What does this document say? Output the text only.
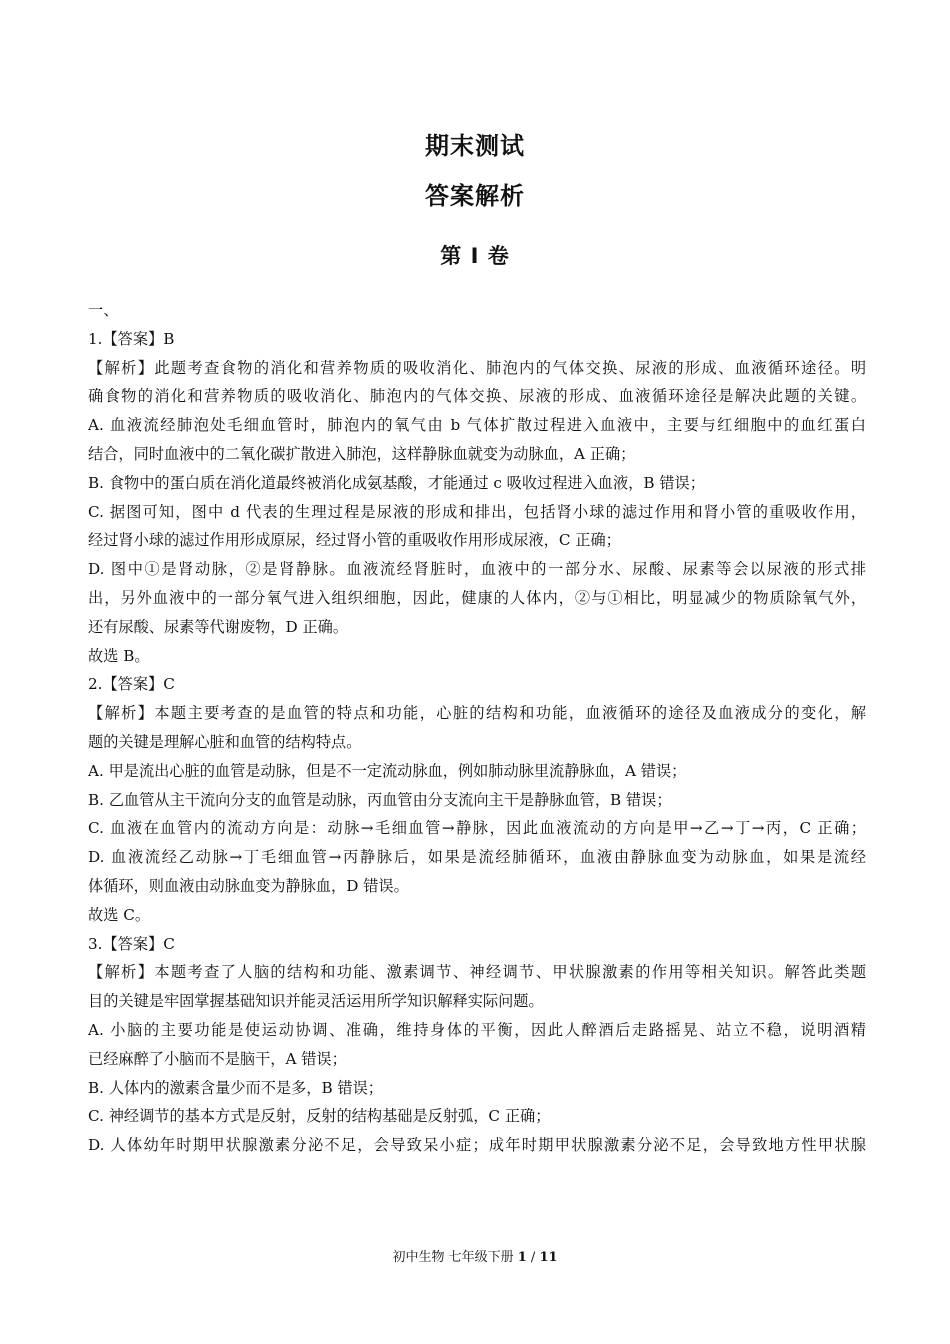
期末测试
答案解析
第 I 卷
一、
1.【答案】B
【解析】此题考查食物的消化和营养物质的吸收消化、肺泡内的气体交换、尿液的形成、血液循环途径。明
确食物的消化和营养物质的吸收消化、肺泡内的气体交换、尿液的形成、血液循环途径是解决此题的关键。
A. 血液流经肺泡处毛细血管时，肺泡内的氧气由 b 气体扩散过程进入血液中，主要与红细胞中的血红蛋白
结合，同时血液中的二氧化碳扩散进入肺泡，这样静脉血就变为动脉血，A 正确；
B. 食物中的蛋白质在消化道最终被消化成氨基酸，才能通过 c 吸收过程进入血液，B 错误；
C. 据图可知，图中 d 代表的生理过程是尿液的形成和排出，包括肾小球的滤过作用和肾小管的重吸收作用，
经过肾小球的滤过作用形成原尿，经过肾小管的重吸收作用形成尿液，C 正确；
D. 图中①是肾动脉，②是肾静脉。血液流经肾脏时，血液中的一部分水、尿酸、尿素等会以尿液的形式排
出，另外血液中的一部分氧气进入组织细胞，因此，健康的人体内，②与①相比，明显减少的物质除氧气外，
还有尿酸、尿素等代谢废物，D 正确。
故选 B。
2.【答案】C
【解析】本题主要考查的是血管的特点和功能，心脏的结构和功能，血液循环的途径及血液成分的变化，解
题的关键是理解心脏和血管的结构特点。
A. 甲是流出心脏的血管是动脉，但是不一定流动脉血，例如肺动脉里流静脉血，A 错误；
B. 乙血管从主干流向分支的血管是动脉，丙血管由分支流向主干是静脉血管，B 错误；
C. 血液在血管内的流动方向是：动脉→毛细血管→静脉，因此血液流动的方向是甲→乙→丁→丙，C 正确；
D. 血液流经乙动脉→丁毛细血管→丙静脉后，如果是流经肺循环，血液由静脉血变为动脉血，如果是流经
体循环，则血液由动脉血变为静脉血，D 错误。
故选 C。
3.【答案】C
【解析】本题考查了人脑的结构和功能、激素调节、神经调节、甲状腺激素的作用等相关知识。解答此类题
目的关键是牢固掌握基础知识并能灵活运用所学知识解释实际问题。
A. 小脑的主要功能是使运动协调、准确，维持身体的平衡，因此人醉酒后走路摇晃、站立不稳，说明酒精
已经麻醉了小脑而不是脑干，A 错误；
B. 人体内的激素含量少而不是多，B 错误；
C. 神经调节的基本方式是反射，反射的结构基础是反射弧，C 正确；
D. 人体幼年时期甲状腺激素分泌不足，会导致呆小症；成年时期甲状腺激素分泌不足，会导致地方性甲状腺
初中生物 七年级下册 1 / 11
